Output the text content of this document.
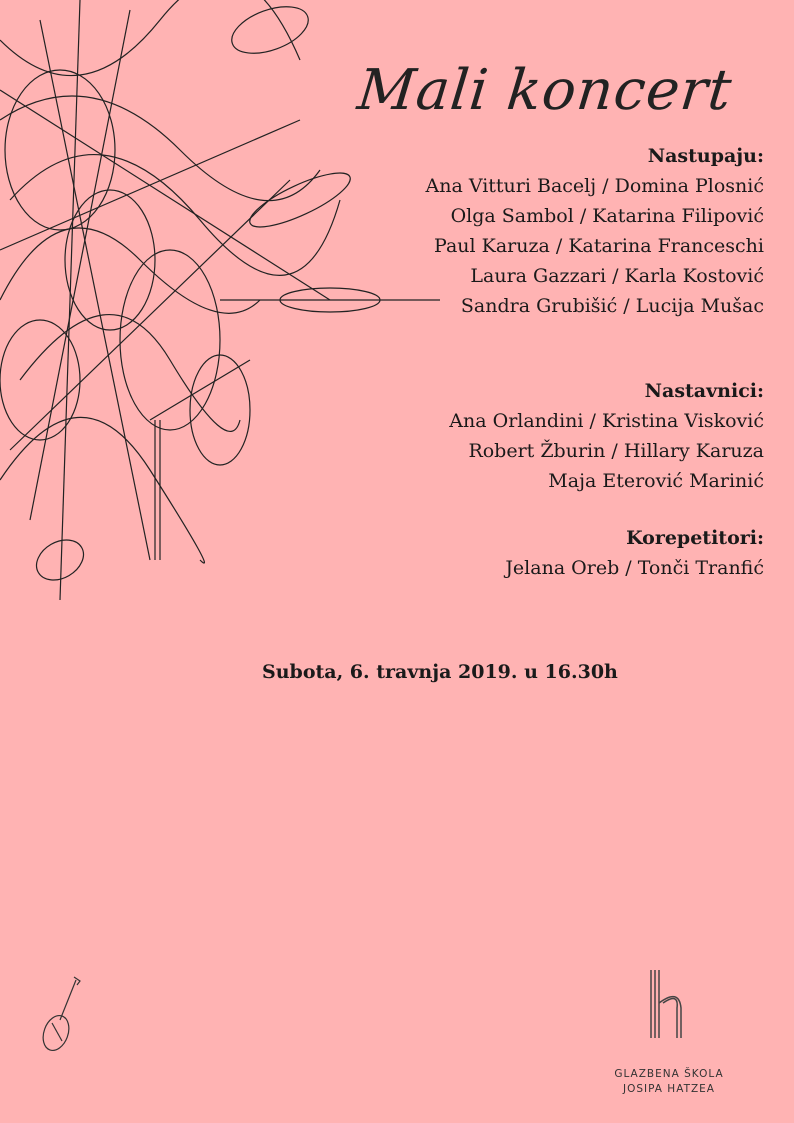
Mali koncert
Nastupaju:
Ana Vitturi Bacelj / Domina Plosnić
Olga Sambol / Katarina Filipović
Paul Karuza / Katarina Franceschi
Laura Gazzari / Karla Kostović
Sandra Grubišić / Lucija Mušac
Nastavnici:
Ana Orlandini / Kristina Visković
Robert Žburin / Hillary Karuza
Maja Eterović Marinić
Korepetitori:
Jelana Oreb / Tonči Tranfić
Subota, 6. travnja 2019. u 16.30h
GLAZBENA ŠKOLA
JOSIPA HATZEA
